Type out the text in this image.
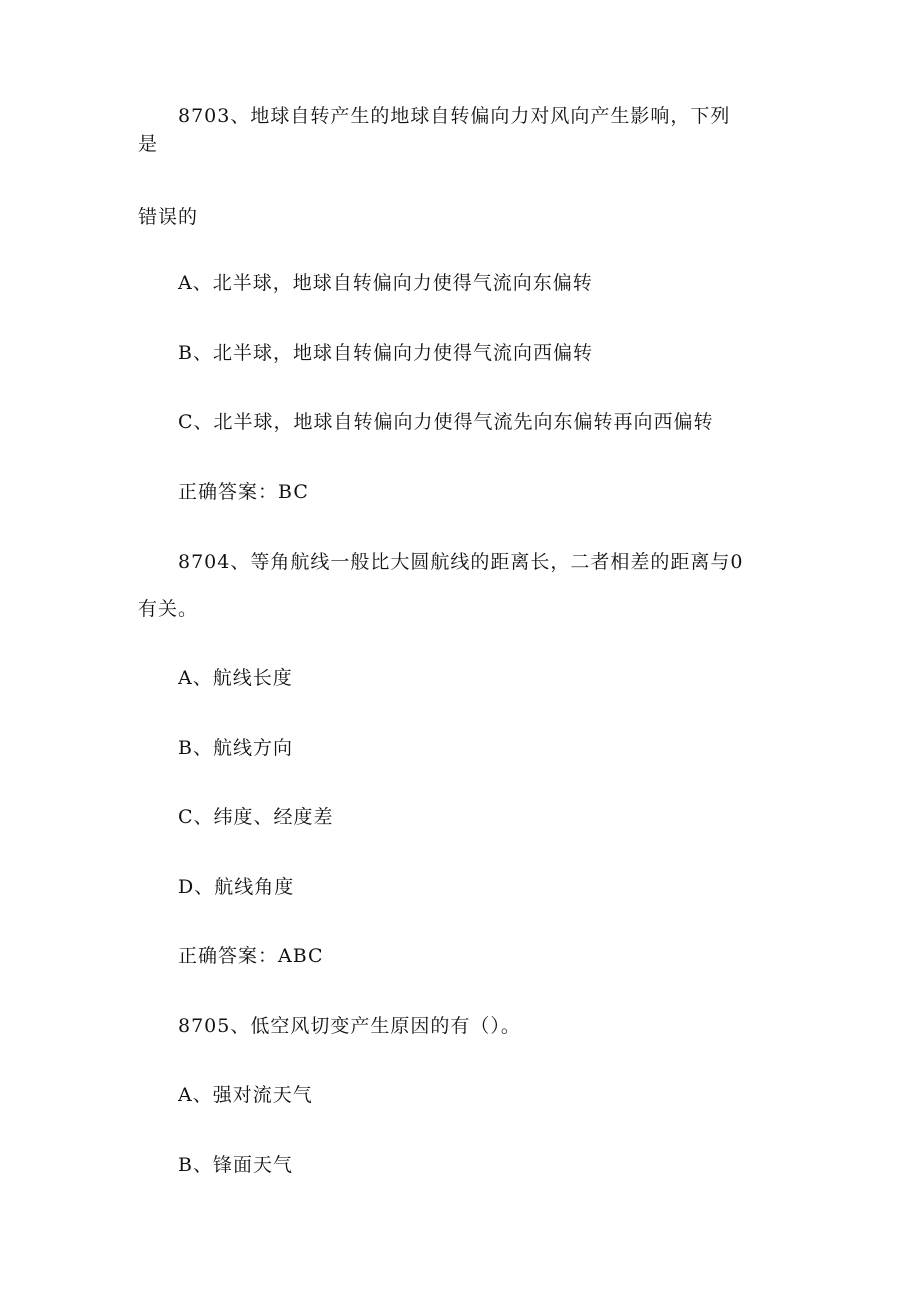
8703、地球自转产生的地球自转偏向力对风向产生影响，下列
是
错误的
A、北半球，地球自转偏向力使得气流向东偏转
B、北半球，地球自转偏向力使得气流向西偏转
C、北半球，地球自转偏向力使得气流先向东偏转再向西偏转
正确答案：BC
8704、等角航线一般比大圆航线的距离长，二者相差的距离与0
有关。
A、航线长度
B、航线方向
C、纬度、经度差
D、航线角度
正确答案：ABC
8705、低空风切变产生原因的有（）。
A、强对流天气
B、锋面天气
